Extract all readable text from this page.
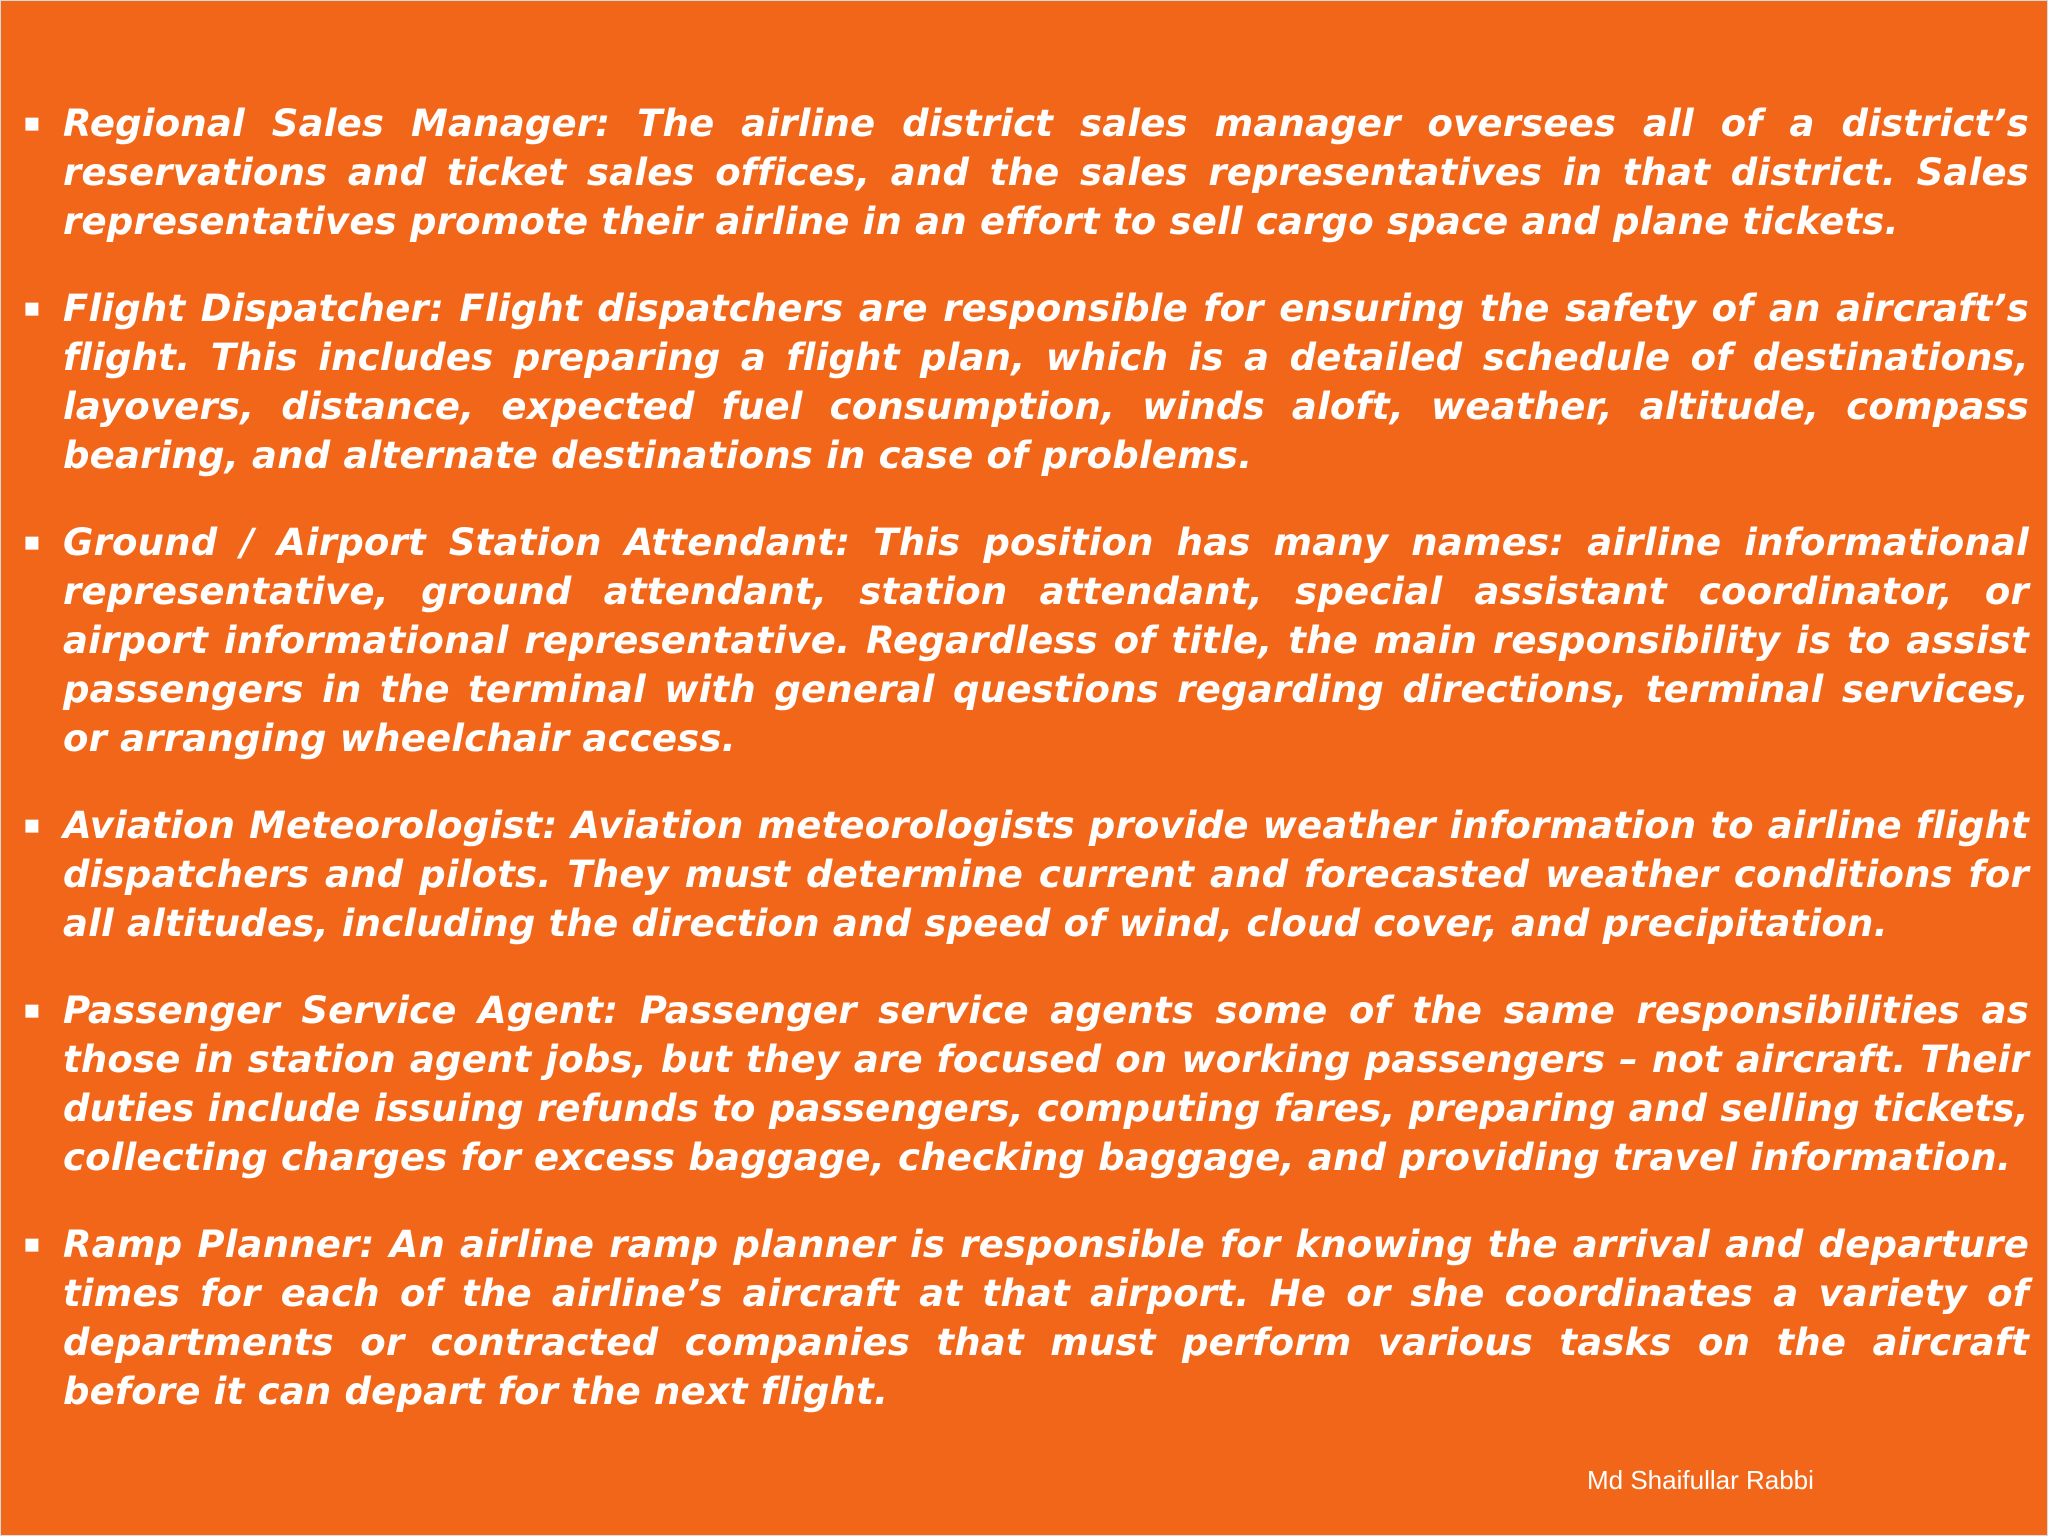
▪ Regional Sales Manager: The airline district sales manager oversees all of a district’s reservations and ticket sales offices, and the sales representatives in that district. Sales representatives promote their airline in an effort to sell cargo space and plane tickets.
▪ Flight Dispatcher: Flight dispatchers are responsible for ensuring the safety of an aircraft’s flight. This includes preparing a flight plan, which is a detailed schedule of destinations, layovers, distance, expected fuel consumption, winds aloft, weather, altitude, compass bearing, and alternate destinations in case of problems.
▪ Ground / Airport Station Attendant: This position has many names: airline informational representative, ground attendant, station attendant, special assistant coordinator, or airport informational representative. Regardless of title, the main responsibility is to assist passengers in the terminal with general questions regarding directions, terminal services, or arranging wheelchair access.
▪ Aviation Meteorologist: Aviation meteorologists provide weather information to airline flight dispatchers and pilots. They must determine current and forecasted weather conditions for all altitudes, including the direction and speed of wind, cloud cover, and precipitation.
▪ Passenger Service Agent: Passenger service agents some of the same responsibilities as those in station agent jobs, but they are focused on working passengers – not aircraft. Their duties include issuing refunds to passengers, computing fares, preparing and selling tickets, collecting charges for excess baggage, checking baggage, and providing travel information.
▪ Ramp Planner: An airline ramp planner is responsible for knowing the arrival and departure times for each of the airline’s aircraft at that airport. He or she coordinates a variety of departments or contracted companies that must perform various tasks on the aircraft before it can depart for the next flight.
Md Shaifullar Rabbi
